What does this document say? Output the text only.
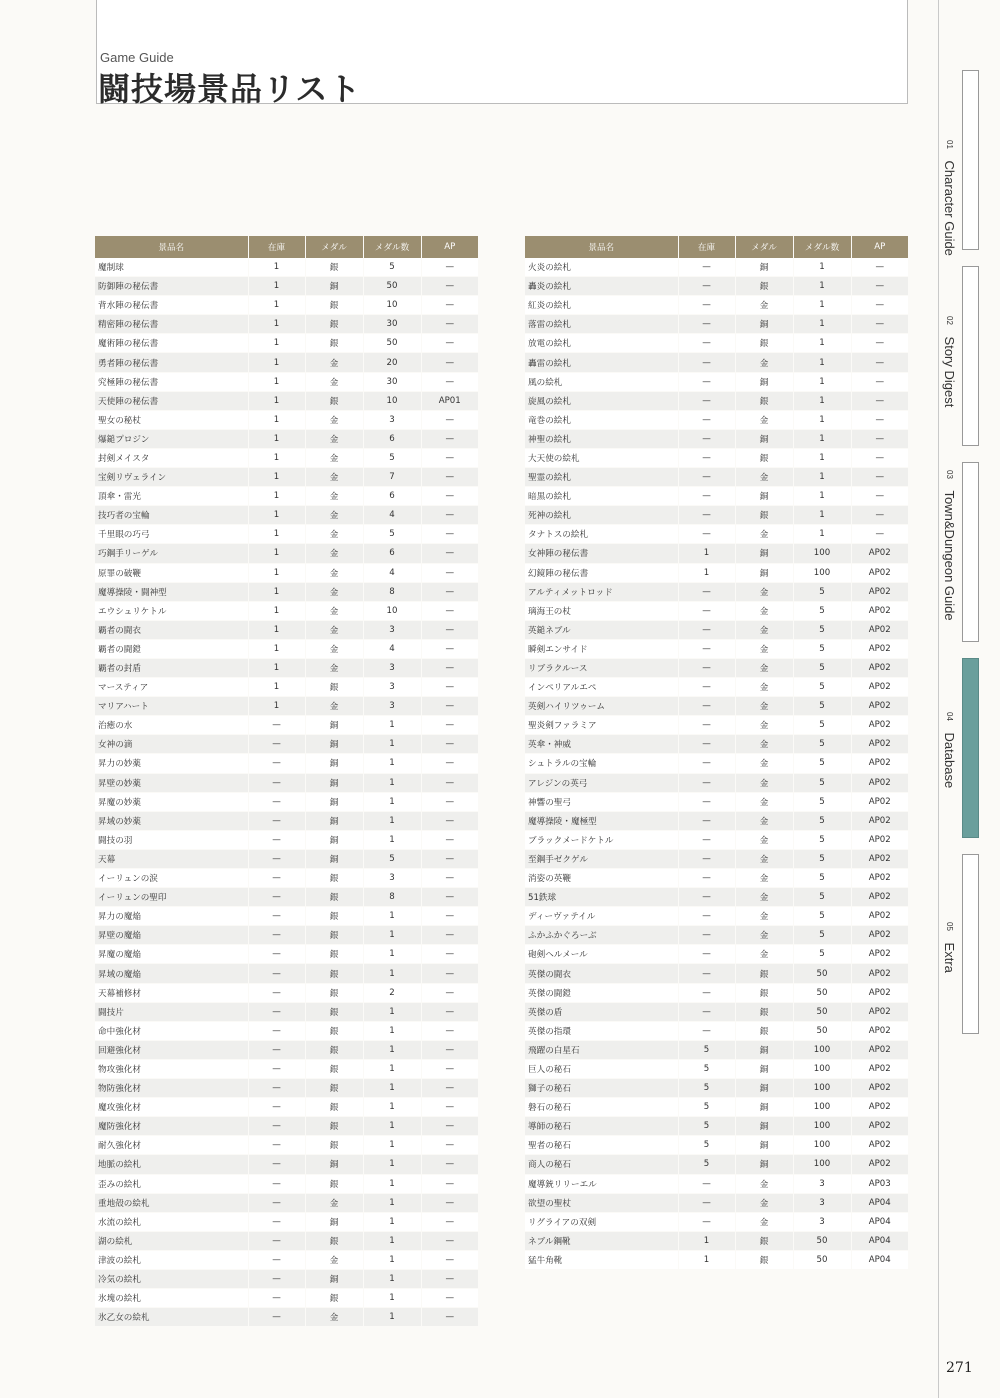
Game Guide
闘技場景品リスト
景品名	在庫	メダル	メダル数	AP
魔制球	1	銀	5	—
防御陣の秘伝書	1	銅	50	—
背水陣の秘伝書	1	銀	10	—
精密陣の秘伝書	1	銀	30	—
魔術陣の秘伝書	1	銀	50	—
勇者陣の秘伝書	1	金	20	—
究極陣の秘伝書	1	金	30	—
天使陣の秘伝書	1	銀	10	AP01
聖女の秘杖	1	金	3	—
爆鎚プロジン	1	金	6	—
封剣メイスタ	1	金	5	—
宝剣リヴェライン	1	金	7	—
頂傘・雷光	1	金	6	—
技巧者の宝輪	1	金	4	—
千里眼の巧弓	1	金	5	—
巧鋼手リーゲル	1	金	6	—
原罪の破鞭	1	金	4	—
魔導操陵・闘神型	1	金	8	—
エウシュリケトル	1	金	10	—
覇者の闘衣	1	金	3	—
覇者の闘鎧	1	金	4	—
覇者の封盾	1	金	3	—
マースティア	1	銀	3	—
マリアハート	1	金	3	—
治癒の水	—	銅	1	—
女神の滴	—	銅	1	—
昇力の妙薬	—	銅	1	—
昇壁の妙薬	—	銅	1	—
昇魔の妙薬	—	銅	1	—
昇域の妙薬	—	銅	1	—
闘技の羽	—	銅	1	—
天幕	—	銅	5	—
イーリュンの涙	—	銀	3	—
イーリュンの聖印	—	銀	8	—
昇力の魔焔	—	銀	1	—
昇壁の魔焔	—	銀	1	—
昇魔の魔焔	—	銀	1	—
昇域の魔焔	—	銀	1	—
天幕補修材	—	銀	2	—
闘技片	—	銀	1	—
命中強化材	—	銀	1	—
回避強化材	—	銀	1	—
物攻強化材	—	銀	1	—
物防強化材	—	銀	1	—
魔攻強化材	—	銀	1	—
魔防強化材	—	銀	1	—
耐久強化材	—	銀	1	—
地脈の絵札	—	銅	1	—
歪みの絵札	—	銀	1	—
重地殻の絵札	—	金	1	—
水流の絵札	—	銅	1	—
湖の絵札	—	銀	1	—
津波の絵札	—	金	1	—
冷気の絵札	—	銅	1	—
氷塊の絵札	—	銀	1	—
氷乙女の絵札	—	金	1	—
景品名	在庫	メダル	メダル数	AP
火炎の絵札	—	銅	1	—
轟炎の絵札	—	銀	1	—
紅炎の絵札	—	金	1	—
落雷の絵札	—	銅	1	—
放電の絵札	—	銀	1	—
轟雷の絵札	—	金	1	—
風の絵札	—	銅	1	—
旋風の絵札	—	銀	1	—
竜巻の絵札	—	金	1	—
神聖の絵札	—	銅	1	—
大天使の絵札	—	銀	1	—
聖霊の絵札	—	金	1	—
暗黒の絵札	—	銅	1	—
死神の絵札	—	銀	1	—
タナトスの絵札	—	金	1	—
女神陣の秘伝書	1	銅	100	AP02
幻鏡陣の秘伝書	1	銅	100	AP02
アルティメットロッド	—	金	5	AP02
璃海王の杖	—	金	5	AP02
英鎚ネブル	—	金	5	AP02
瞬剣エンサイド	—	金	5	AP02
リブラクルース	—	金	5	AP02
インペリアルエペ	—	金	5	AP02
英剣ハイリツゥーム	—	金	5	AP02
聖炎剣ファラミア	—	金	5	AP02
英傘・神威	—	金	5	AP02
シュトラルの宝輪	—	金	5	AP02
アレジンの英弓	—	金	5	AP02
神響の聖弓	—	金	5	AP02
魔導操陵・魔極型	—	金	5	AP02
ブラックメードケトル	—	金	5	AP02
至鋼手ゼクゲル	—	金	5	AP02
消姿の英鞭	—	金	5	AP02
51鉄球	—	金	5	AP02
ディーヴァテイル	—	金	5	AP02
ふかふかぐろーぶ	—	金	5	AP02
砲剣ヘルメール	—	金	5	AP02
英傑の闘衣	—	銀	50	AP02
英傑の闘鎧	—	銀	50	AP02
英傑の盾	—	銀	50	AP02
英傑の指環	—	銀	50	AP02
飛躍の白星石	5	銅	100	AP02
巨人の秘石	5	銅	100	AP02
獅子の秘石	5	銅	100	AP02
磐石の秘石	5	銅	100	AP02
導師の秘石	5	銅	100	AP02
聖者の秘石	5	銅	100	AP02
商人の秘石	5	銅	100	AP02
魔導銃リリーエル	—	金	3	AP03
欲望の聖杖	—	金	3	AP04
リグライアの双剣	—	金	3	AP04
ネブル鋼靴	1	銀	50	AP04
猛牛角靴	1	銀	50	AP04
01 Character Guide
02 Story Digest
03 Town&Dungeon Guide
04 Database
05 Extra
271
